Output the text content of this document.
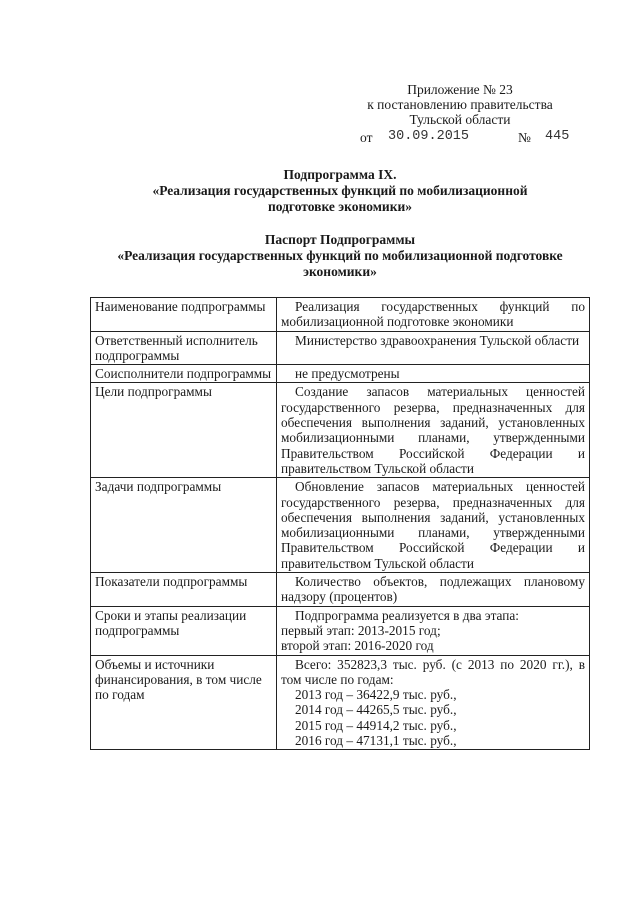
Приложение № 23
к постановлению правительства
Тульской области
от 30.09.2015	№ 445
Подпрограмма IX.
«Реализация государственных функций по мобилизационной
подготовке экономики»
Паспорт Подпрограммы
«Реализация государственных функций по мобилизационной подготовке
экономики»
Наименование подпрограммы	Реализация государственных функций по мобилизационной подготовке экономики
Ответственный исполнитель подпрограммы	Министерство здравоохранения Тульской области
Соисполнители подпрограммы	не предусмотрены
Цели подпрограммы	Создание запасов материальных ценностей государственного резерва, предназначенных для обеспечения выполнения заданий, установленных мобилизационными планами, утвержденными Правительством Российской Федерации и правительством Тульской области
Задачи подпрограммы	Обновление запасов материальных ценностей государственного резерва, предназначенных для обеспечения выполнения заданий, установленных мобилизационными планами, утвержденными Правительством Российской Федерации и правительством Тульской области
Показатели подпрограммы	Количество объектов, подлежащих плановому надзору (процентов)
Сроки и этапы реализации подпрограммы	Подпрограмма реализуется в два этапа:
первый этап: 2013-2015 год;
второй этап: 2016-2020 год

Объемы и источники финансирования, в том числе по годам	Всего: 352823,3 тыс. руб. (с 2013 по 2020 гг.), в том числе по годам:
2013 год – 36422,9 тыс. руб.,
2014 год – 44265,5 тыс. руб.,
2015 год – 44914,2 тыс. руб.,
2016 год – 47131,1 тыс. руб.,
